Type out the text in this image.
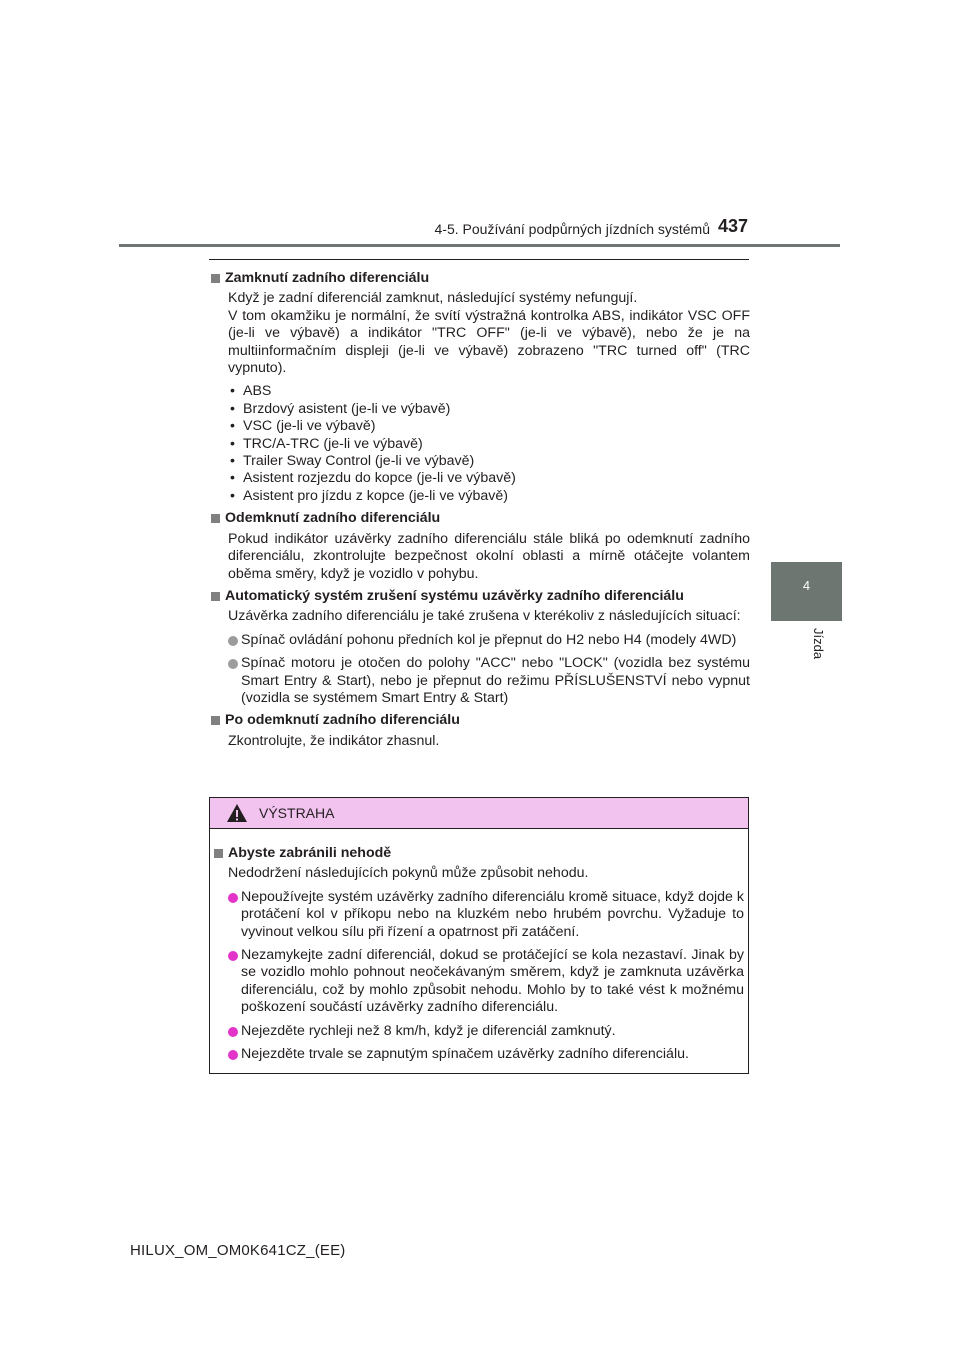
4-5. Používání podpůrných jízdních systémů 437
4
Jízda
Zamknutí zadního diferenciálu
Když je zadní diferenciál zamknut, následující systémy nefungují.
V tom okamžiku je normální, že svítí výstražná kontrolka ABS, indikátor VSC OFF (je-li ve výbavě) a indikátor "TRC OFF" (je-li ve výbavě), nebo že je na multiinformačním displeji (je-li ve výbavě) zobrazeno "TRC turned off" (TRC vypnuto).
• ABS
• Brzdový asistent (je-li ve výbavě)
• VSC (je-li ve výbavě)
• TRC/A-TRC (je-li ve výbavě)
• Trailer Sway Control (je-li ve výbavě)
• Asistent rozjezdu do kopce (je-li ve výbavě)
• Asistent pro jízdu z kopce (je-li ve výbavě)
Odemknutí zadního diferenciálu
Pokud indikátor uzávěrky zadního diferenciálu stále bliká po odemknutí zadního diferenciálu, zkontrolujte bezpečnost okolní oblasti a mírně otáčejte volantem oběma směry, když je vozidlo v pohybu.
Automatický systém zrušení systému uzávěrky zadního diferenciálu
Uzávěrka zadního diferenciálu je také zrušena v kterékoliv z následujících situací:
Spínač ovládání pohonu předních kol je přepnut do H2 nebo H4 (modely 4WD)
Spínač motoru je otočen do polohy "ACC" nebo "LOCK" (vozidla bez systému Smart Entry & Start), nebo je přepnut do režimu PŘÍSLUŠENSTVÍ nebo vypnut (vozidla se systémem Smart Entry & Start)
Po odemknutí zadního diferenciálu
Zkontrolujte, že indikátor zhasnul.
VÝSTRAHA
Abyste zabránili nehodě
Nedodržení následujících pokynů může způsobit nehodu.
Nepoužívejte systém uzávěrky zadního diferenciálu kromě situace, když dojde k protáčení kol v příkopu nebo na kluzkém nebo hrubém povrchu. Vyžaduje to vyvinout velkou sílu při řízení a opatrnost při zatáčení.
Nezamykejte zadní diferenciál, dokud se protáčející se kola nezastaví. Jinak by se vozidlo mohlo pohnout neočekávaným směrem, když je zamknuta uzávěrka diferenciálu, což by mohlo způsobit nehodu. Mohlo by to také vést k možnému poškození součástí uzávěrky zadního diferenciálu.
Nejezděte rychleji než 8 km/h, když je diferenciál zamknutý.
Nejezděte trvale se zapnutým spínačem uzávěrky zadního diferenciálu.
HILUX_OM_OM0K641CZ_(EE)
